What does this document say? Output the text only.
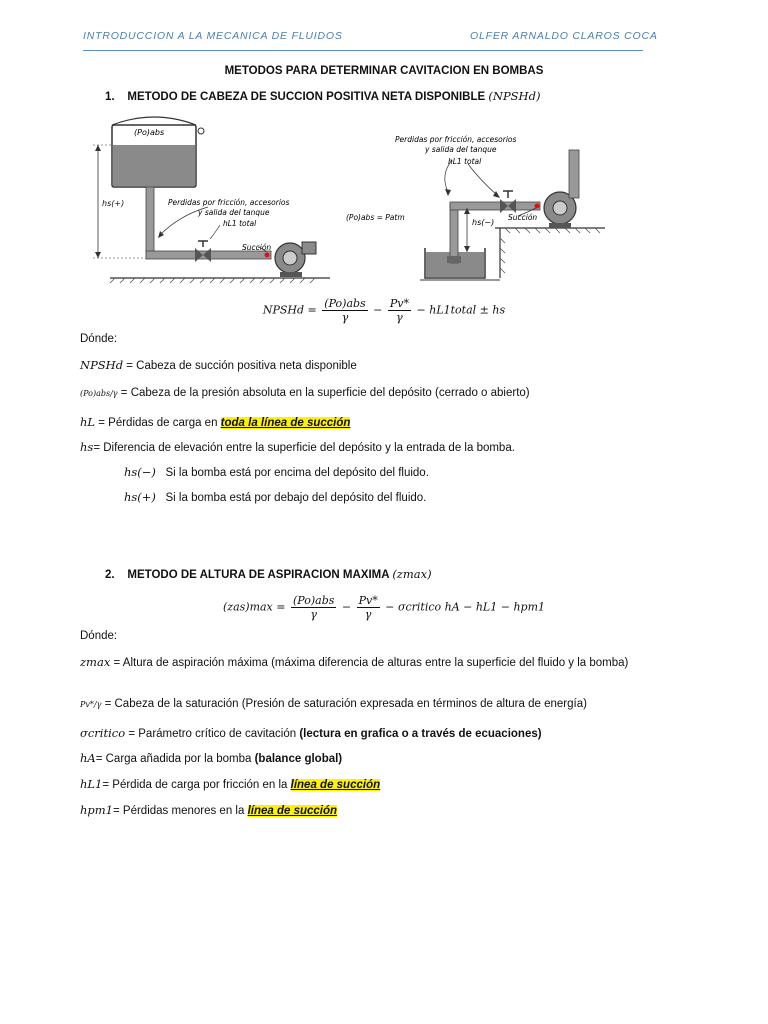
INTRODUCCION A LA MECANICA DE FLUIDOS	OLFER ARNALDO CLAROS COCA
METODOS PARA DETERMINAR CAVITACION EN BOMBAS
1. METODO DE CABEZA DE SUCCION POSITIVA NETA DISPONIBLE (NPSHd)
(Po)abs
hs(+)	Perdidas por fricción, accesorios
y salida del tanque
hL1 total
Succión
Perdidas por fricción, accesorios
y salida del tanque
hL1 total
(Po)abs = Patm
hs(−)
Succión
NPSHd = $\frac{\text{(Po)abs}}{\gamma} - \frac{Pv*}{\gamma}$ − hL1total ± hs
Dónde:
NPSHd = Cabeza de succión positiva neta disponible
(Po)abs/γ = Cabeza de la presión absoluta en la superficie del depósito (cerrado o abierto)
hL = Pérdidas de carga en toda la línea de succión
hs= Diferencia de elevación entre la superficie del depósito y la entrada de la bomba.
hs(−) Si la bomba está por encima del depósito del fluido.
hs(+) Si la bomba está por debajo del depósito del fluido.
2. METODO DE ALTURA DE ASPIRACION MAXIMA (zmax)
$(zas)\max = \frac{\text{(Po)abs}}{\gamma} - \frac{Pv*}{\gamma}$ − σcritico hA − hL1 − hpm1
Dónde:
zmax = Altura de aspiración máxima (máxima diferencia de alturas entre la superficie del fluido y la bomba)
Pv*/γ = Cabeza de la saturación (Presión de saturación expresada en términos de altura de energía)
σcritico = Parámetro crítico de cavitación (lectura en grafica o a través de ecuaciones)
hA= Carga añadida por la bomba (balance global)
hL1= Pérdida de carga por fricción en la línea de succión
hpm1= Pérdidas menores en la línea de succión
